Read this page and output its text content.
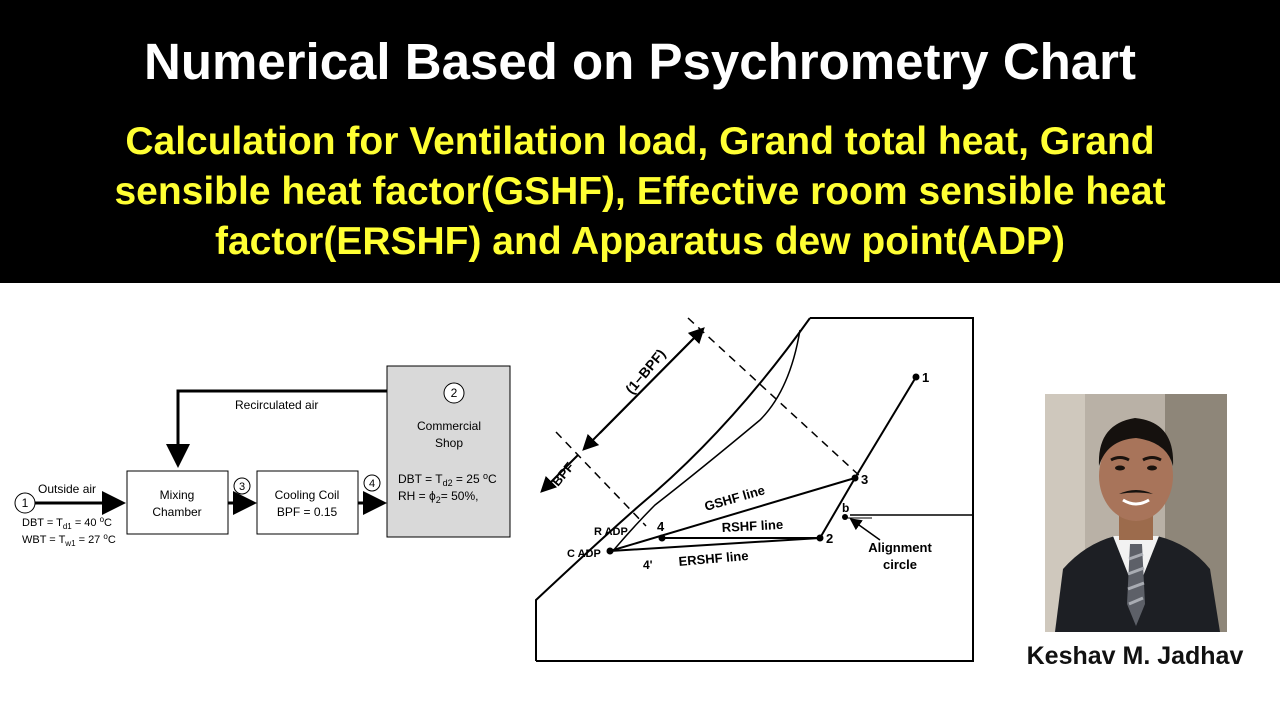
Numerical Based on Psychrometry Chart
Calculation for Ventilation load, Grand total heat, Grand
sensible heat factor(GSHF), Effective room sensible heat
factor(ERSHF) and Apparatus dew point(ADP)
1
Outside air
DBT = $T_{d1} = 40$ $^o$C
WBT = $T_{w1} = 27$ $^o$C
Mixing
Chamber
3
Cooling Coil
BPF = 0.15
4
2
Commercial
Shop
DBT = $T_{d2} = 25$ $^o$C
RH = $\phi_2= 50\%$,
Recirculated air
(1−BPF)
BPF
1
3
2
4
4'
b
R ADP
C ADP
GSHF line
RSHF line
ERSHF line
Alignment
circle
Keshav M. Jadhav
